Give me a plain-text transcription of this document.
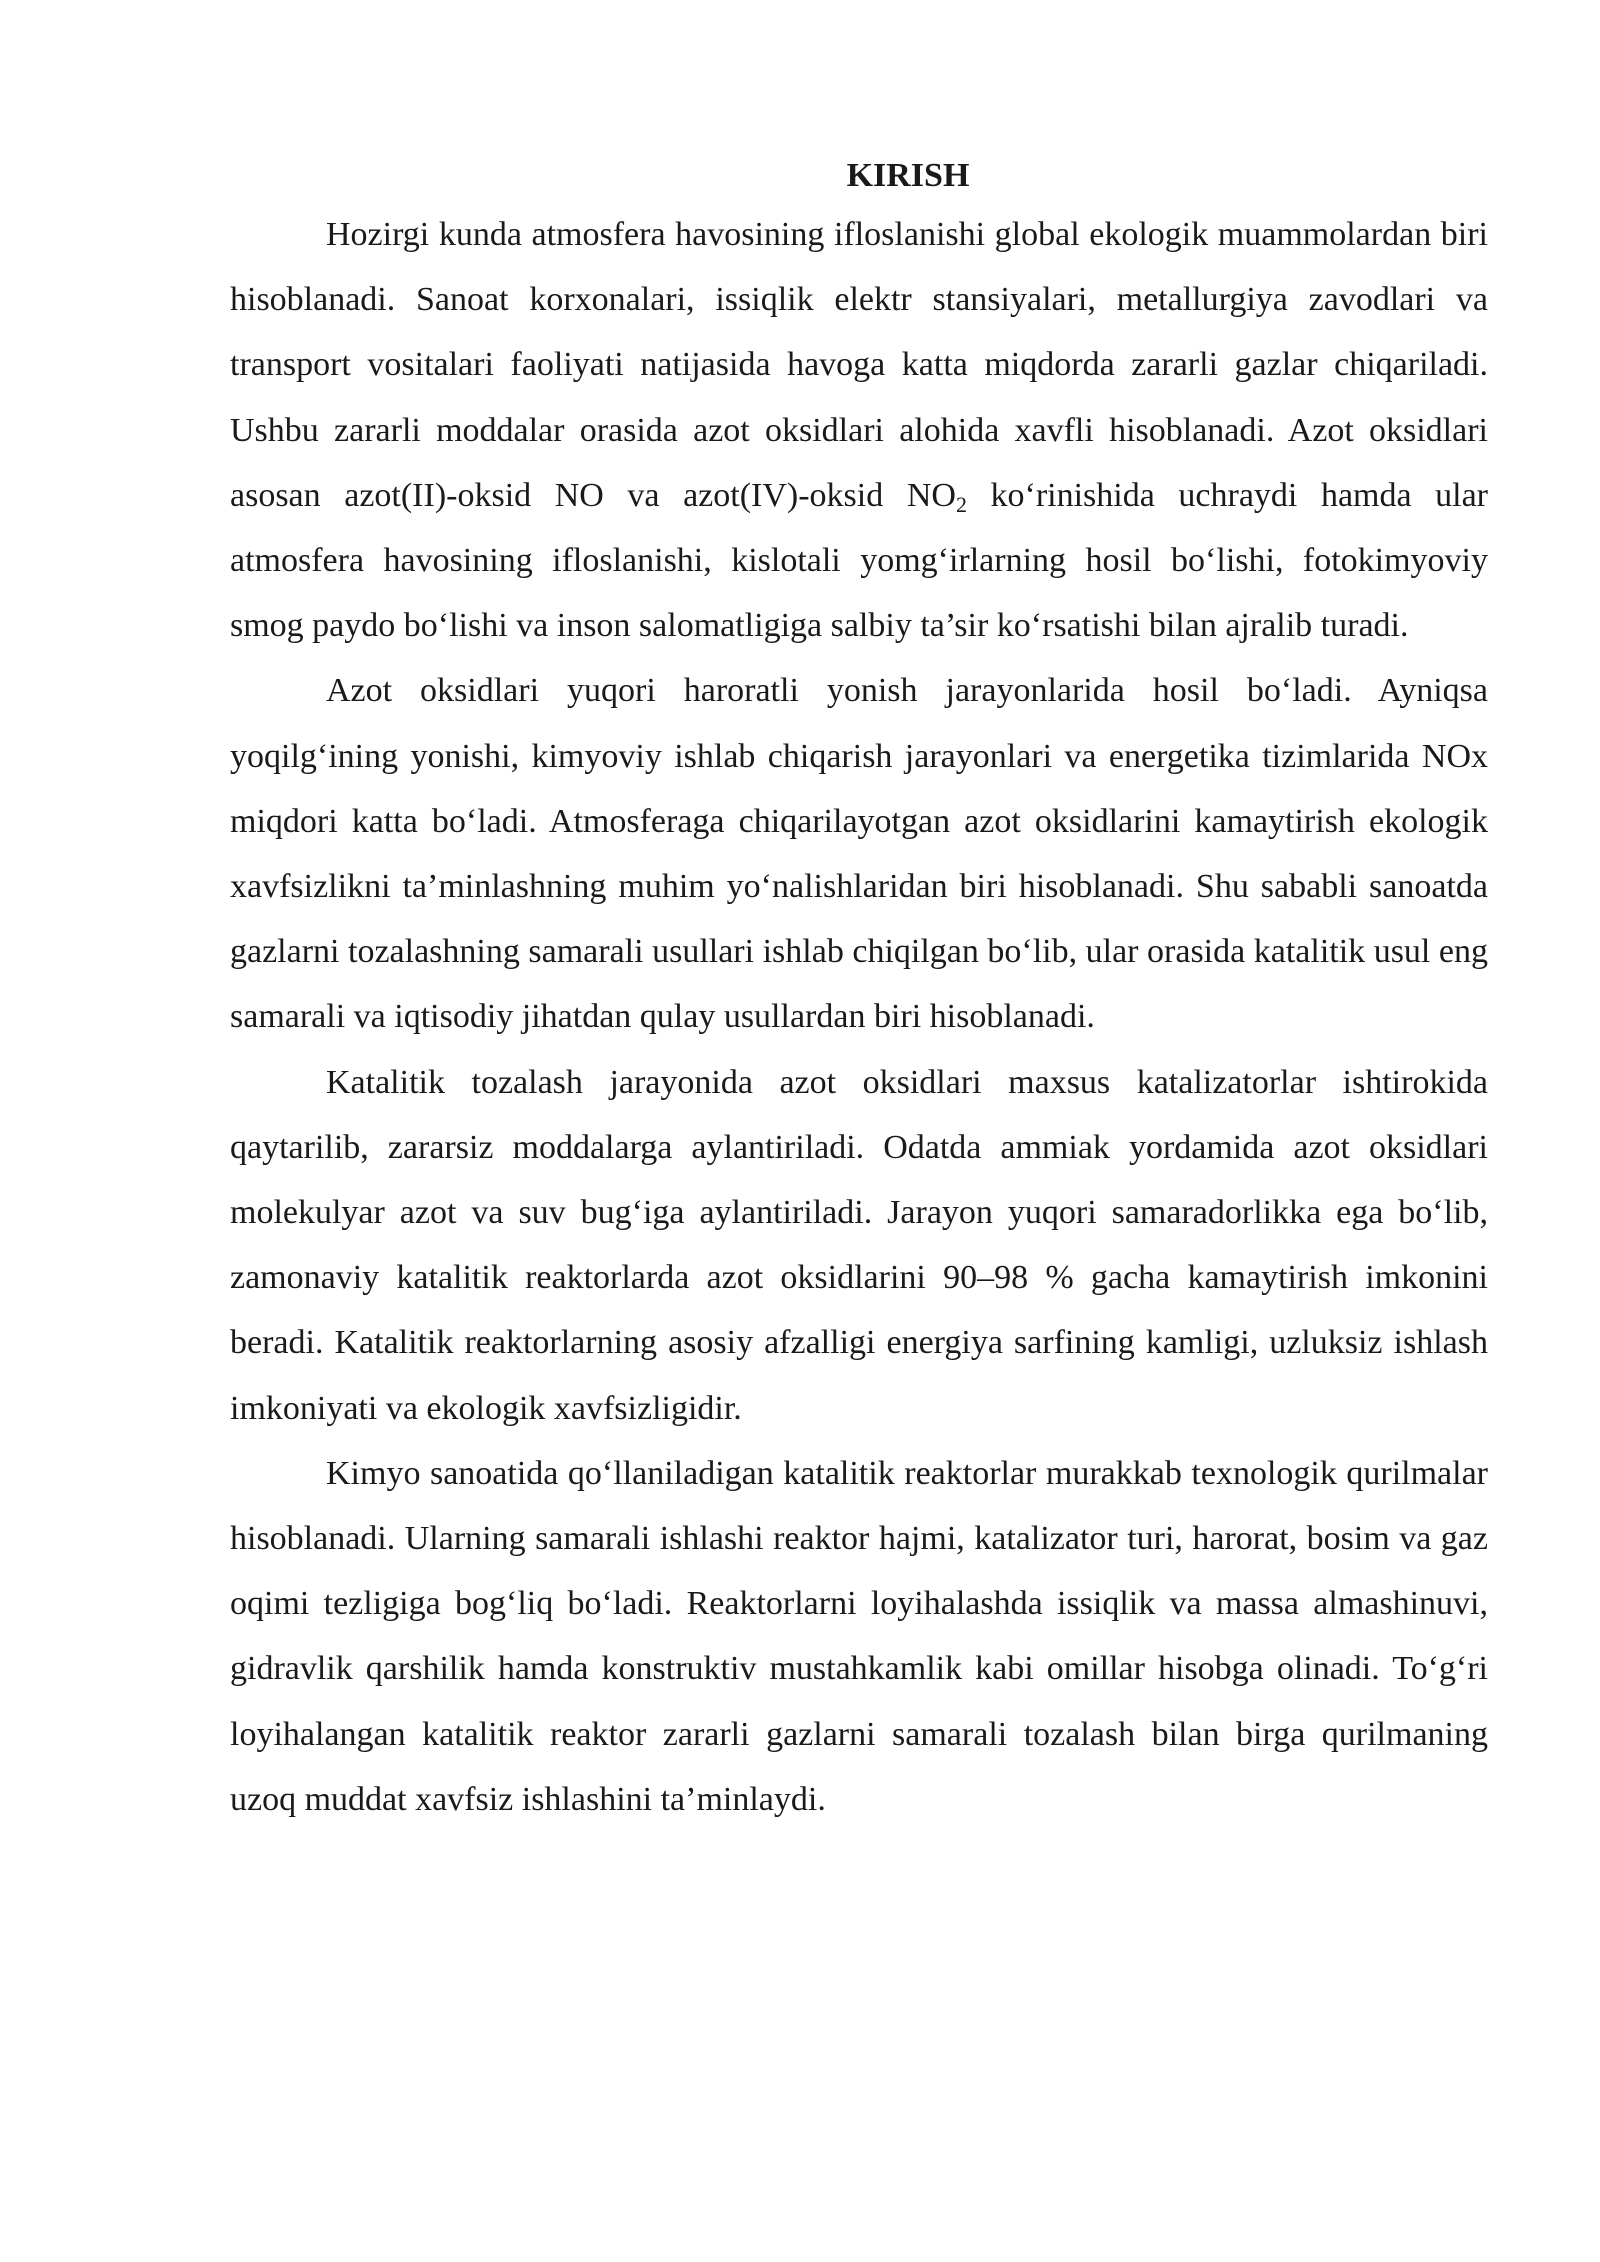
KIRISH

Hozirgi kunda atmosfera havosining ifloslanishi global ekologik muammolardan biri hisoblanadi. Sanoat korxonalari, issiqlik elektr stansiyalari, metallurgiya zavodlari va transport vositalari faoliyati natijasida havoga katta miqdorda zararli gazlar chiqariladi. Ushbu zararli moddalar orasida azot oksidlari alohida xavfli hisoblanadi. Azot oksidlari asosan azot(II)-oksid NO va azot(IV)-oksid $NO_2$ ko‘rinishida uchraydi hamda ular atmosfera havosining ifloslanishi, kislotali yomg‘irlarning hosil bo‘lishi, fotokimyoviy smog paydo bo‘lishi va inson salomatligiga salbiy ta’sir ko‘rsatishi bilan ajralib turadi.

Azot oksidlari yuqori haroratli yonish jarayonlarida hosil bo‘ladi. Ayniqsa yoqilg‘ining yonishi, kimyoviy ishlab chiqarish jarayonlari va energetika tizimlarida NOx miqdori katta bo‘ladi. Atmosferaga chiqarilayotgan azot oksidlarini kamaytirish ekologik xavfsizlikni ta’minlashning muhim yo‘nalishlaridan biri hisoblanadi. Shu sababli sanoatda gazlarni tozalashning samarali usullari ishlab chiqilgan bo‘lib, ular orasida katalitik usul eng samarali va iqtisodiy jihatdan qulay usullardan biri hisoblanadi.

Katalitik tozalash jarayonida azot oksidlari maxsus katalizatorlar ishtirokida qaytarilib, zararsiz moddalarga aylantiriladi. Odatda ammiak yordamida azot oksidlari molekulyar azot va suv bug‘iga aylantiriladi. Jarayon yuqori samaradorlikka ega bo‘lib, zamonaviy katalitik reaktorlarda azot oksidlarini 90–98 % gacha kamaytirish imkonini beradi. Katalitik reaktorlarning asosiy afzalligi energiya sarfining kamligi, uzluksiz ishlash imkoniyati va ekologik xavfsizligidir.

Kimyo sanoatida qo‘llaniladigan katalitik reaktorlar murakkab texnologik qurilmalar hisoblanadi. Ularning samarali ishlashi reaktor hajmi, katalizator turi, harorat, bosim va gaz oqimi tezligiga bog‘liq bo‘ladi. Reaktorlarni loyihalashda issiqlik va massa almashinuvi, gidravlik qarshilik hamda konstruktiv mustahkamlik kabi omillar hisobga olinadi. To‘g‘ri loyihalangan katalitik reaktor zararli gazlarni samarali tozalash bilan birga qurilmaning uzoq muddat xavfsiz ishlashini ta’minlaydi.
